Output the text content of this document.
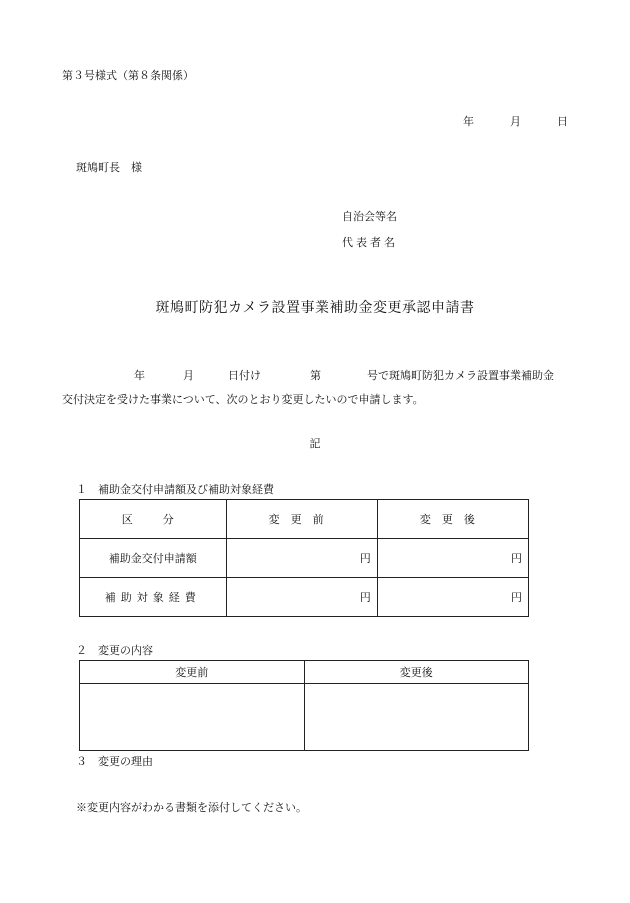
第３号様式（第８条関係）
年	月	日
斑鳩町長　様
自治会等名
代表者名
斑鳩町防犯カメラ設置事業補助金変更承認申請書
年	月	日付け	第	号で斑鳩町防犯カメラ設置事業補助金
交付決定を受けた事業について、次のとおり変更したいので申請します。
記
１　補助金交付申請額及び補助対象経費
区分	変更前	変更後
補助金交付申請額	円	円
補助対象経費	円	円
２　変更の内容
変更前	変更後

３　変更の理由
※変更内容がわかる書類を添付してください。
